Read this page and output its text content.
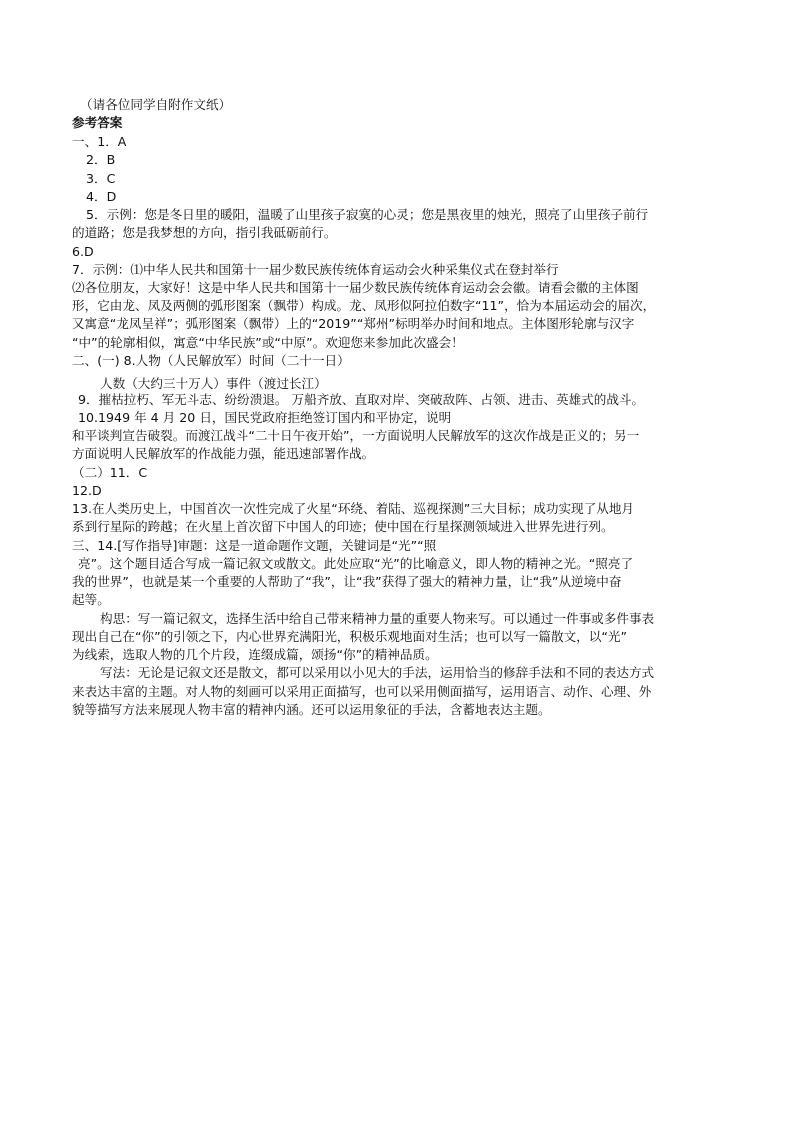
（请各位同学自附作文纸）
参考答案
一、1．A
2．B
3．C
4．D
5．示例：您是冬日里的暖阳，温暖了山里孩子寂寞的心灵；您是黑夜里的烛光，照亮了山里孩子前行
的道路；您是我梦想的方向，指引我砥砺前行。
6.D
7．示例：⑴中华人民共和国第十一届少数民族传统体育运动会火种采集仪式在登封举行
⑵各位朋友，大家好！这是中华人民共和国第十一届少数民族传统体育运动会会徽。请看会徽的主体图
形，它由龙、凤及两侧的弧形图案（飘带）构成。龙、凤形似阿拉伯数字“11”，恰为本届运动会的届次，
又寓意“龙凤呈祥”；弧形图案（飘带）上的“2019”“郑州”标明举办时间和地点。主体图形轮廓与汉字
“中”的轮廓相似，寓意“中华民族”或“中原”。欢迎您来参加此次盛会！
二、(一) 8.人物（人民解放军）时间（二十一日）
人数（大约三十万人）事件（渡过长江）
9．摧枯拉朽、军无斗志、纷纷溃退。 万船齐放、直取对岸、突破敌阵、占领、进击、英雄式的战斗。
10.1949 年 4 月 20 日，国民党政府拒绝签订国内和平协定，说明
和平谈判宣告破裂。而渡江战斗“二十日午夜开始”，一方面说明人民解放军的这次作战是正义的；另一
方面说明人民解放军的作战能力强，能迅速部署作战。
（二）11．C
12.D
13.在人类历史上，中国首次一次性完成了火星“环绕、着陆、巡视探测”三大目标；成功实现了从地月
系到行星际的跨越；在火星上首次留下中国人的印迹；使中国在行星探测领域进入世界先进行列。
三、14.[写作指导]审题：这是一道命题作文题，关键词是“光”“照
亮”。这个题目适合写成一篇记叙文或散文。此处应取“光”的比喻意义，即人物的精神之光。“照亮了
我的世界”，也就是某一个重要的人帮助了“我”，让“我”获得了强大的精神力量，让“我”从逆境中奋
起等。
构思：写一篇记叙文，选择生活中给自己带来精神力量的重要人物来写。可以通过一件事或多件事表
现出自己在“你”的引领之下，内心世界充满阳光，积极乐观地面对生活；也可以写一篇散文，以“光”
为线索，选取人物的几个片段，连缀成篇，颂扬“你”的精神品质。
写法：无论是记叙文还是散文，都可以采用以小见大的手法，运用恰当的修辞手法和不同的表达方式
来表达丰富的主题。对人物的刻画可以采用正面描写，也可以采用侧面描写，运用语言、动作、心理、外
貌等描写方法来展现人物丰富的精神内涵。还可以运用象征的手法，含蓄地表达主题。
